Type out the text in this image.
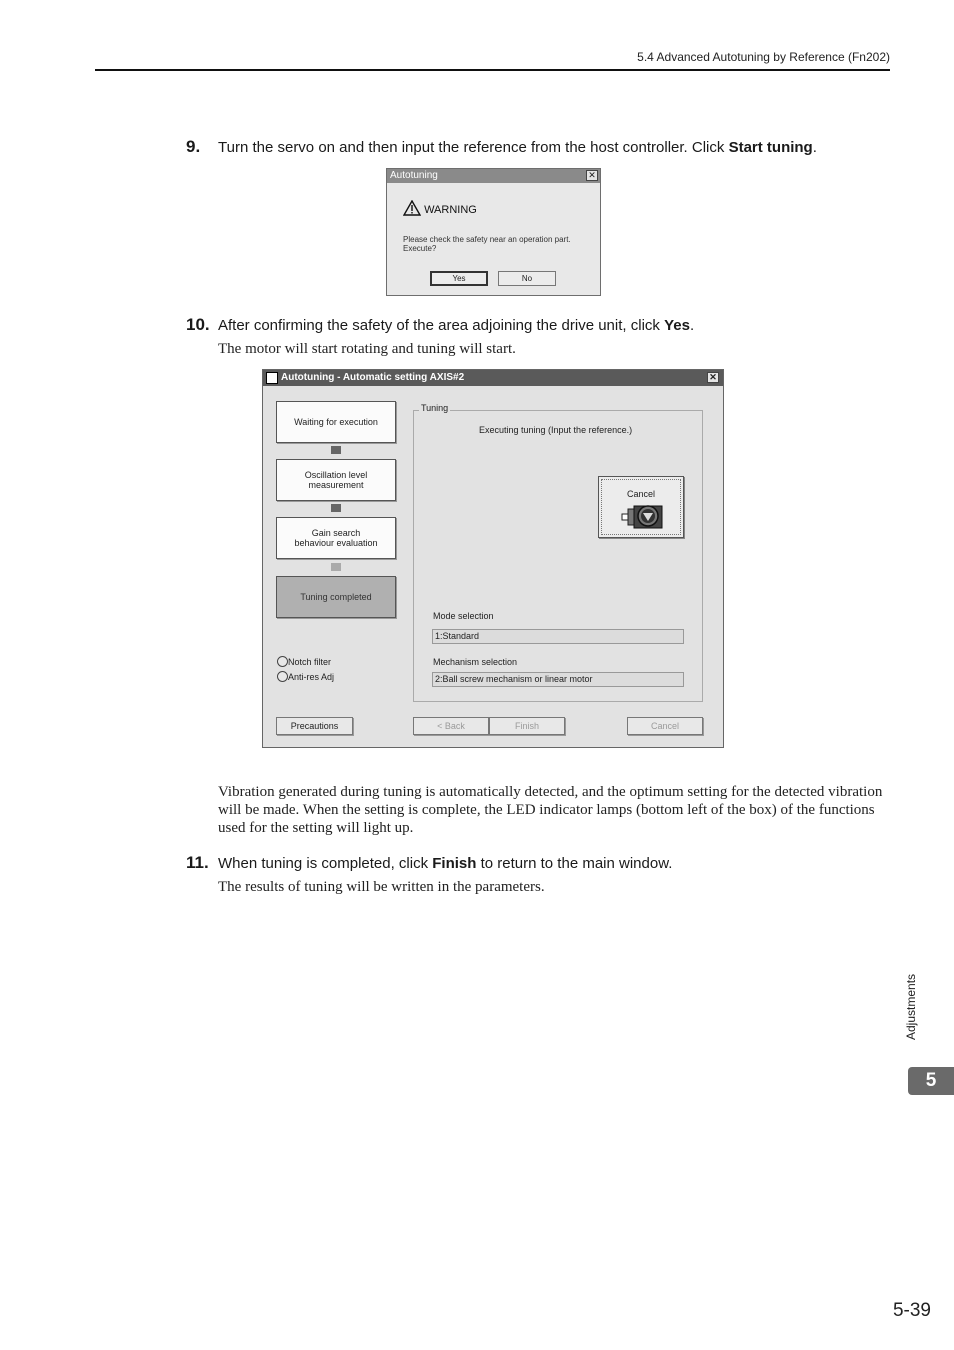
5.4 Advanced Autotuning by Reference (Fn202)
9. Turn the servo on and then input the reference from the host controller. Click Start tuning.
Autotuning	✕
WARNING
Please check the safety near an operation part.
Execute?
Yes	No
10. After confirming the safety of the area adjoining the drive unit, click Yes.
The motor will start rotating and tuning will start.
Autotuning - Automatic setting AXIS#2	✕
Waiting for execution
Oscillation level
measurement
Gain search
behaviour evaluation
Tuning completed
Notch filter
Anti-res Adj
Tuning
Executing tuning (Input the reference.)
Cancel
Mode selection
1:Standard
Mechanism selection
2:Ball screw mechanism or linear motor
Precautions	< Back	Finish	Cancel
Vibration generated during tuning is automatically detected, and the optimum setting for the detected vibration will be made. When the setting is complete, the LED indicator lamps (bottom left of the box) of the functions used for the setting will light up.
11. When tuning is completed, click Finish to return to the main window.
The results of tuning will be written in the parameters.
Adjustments
5
5-39
